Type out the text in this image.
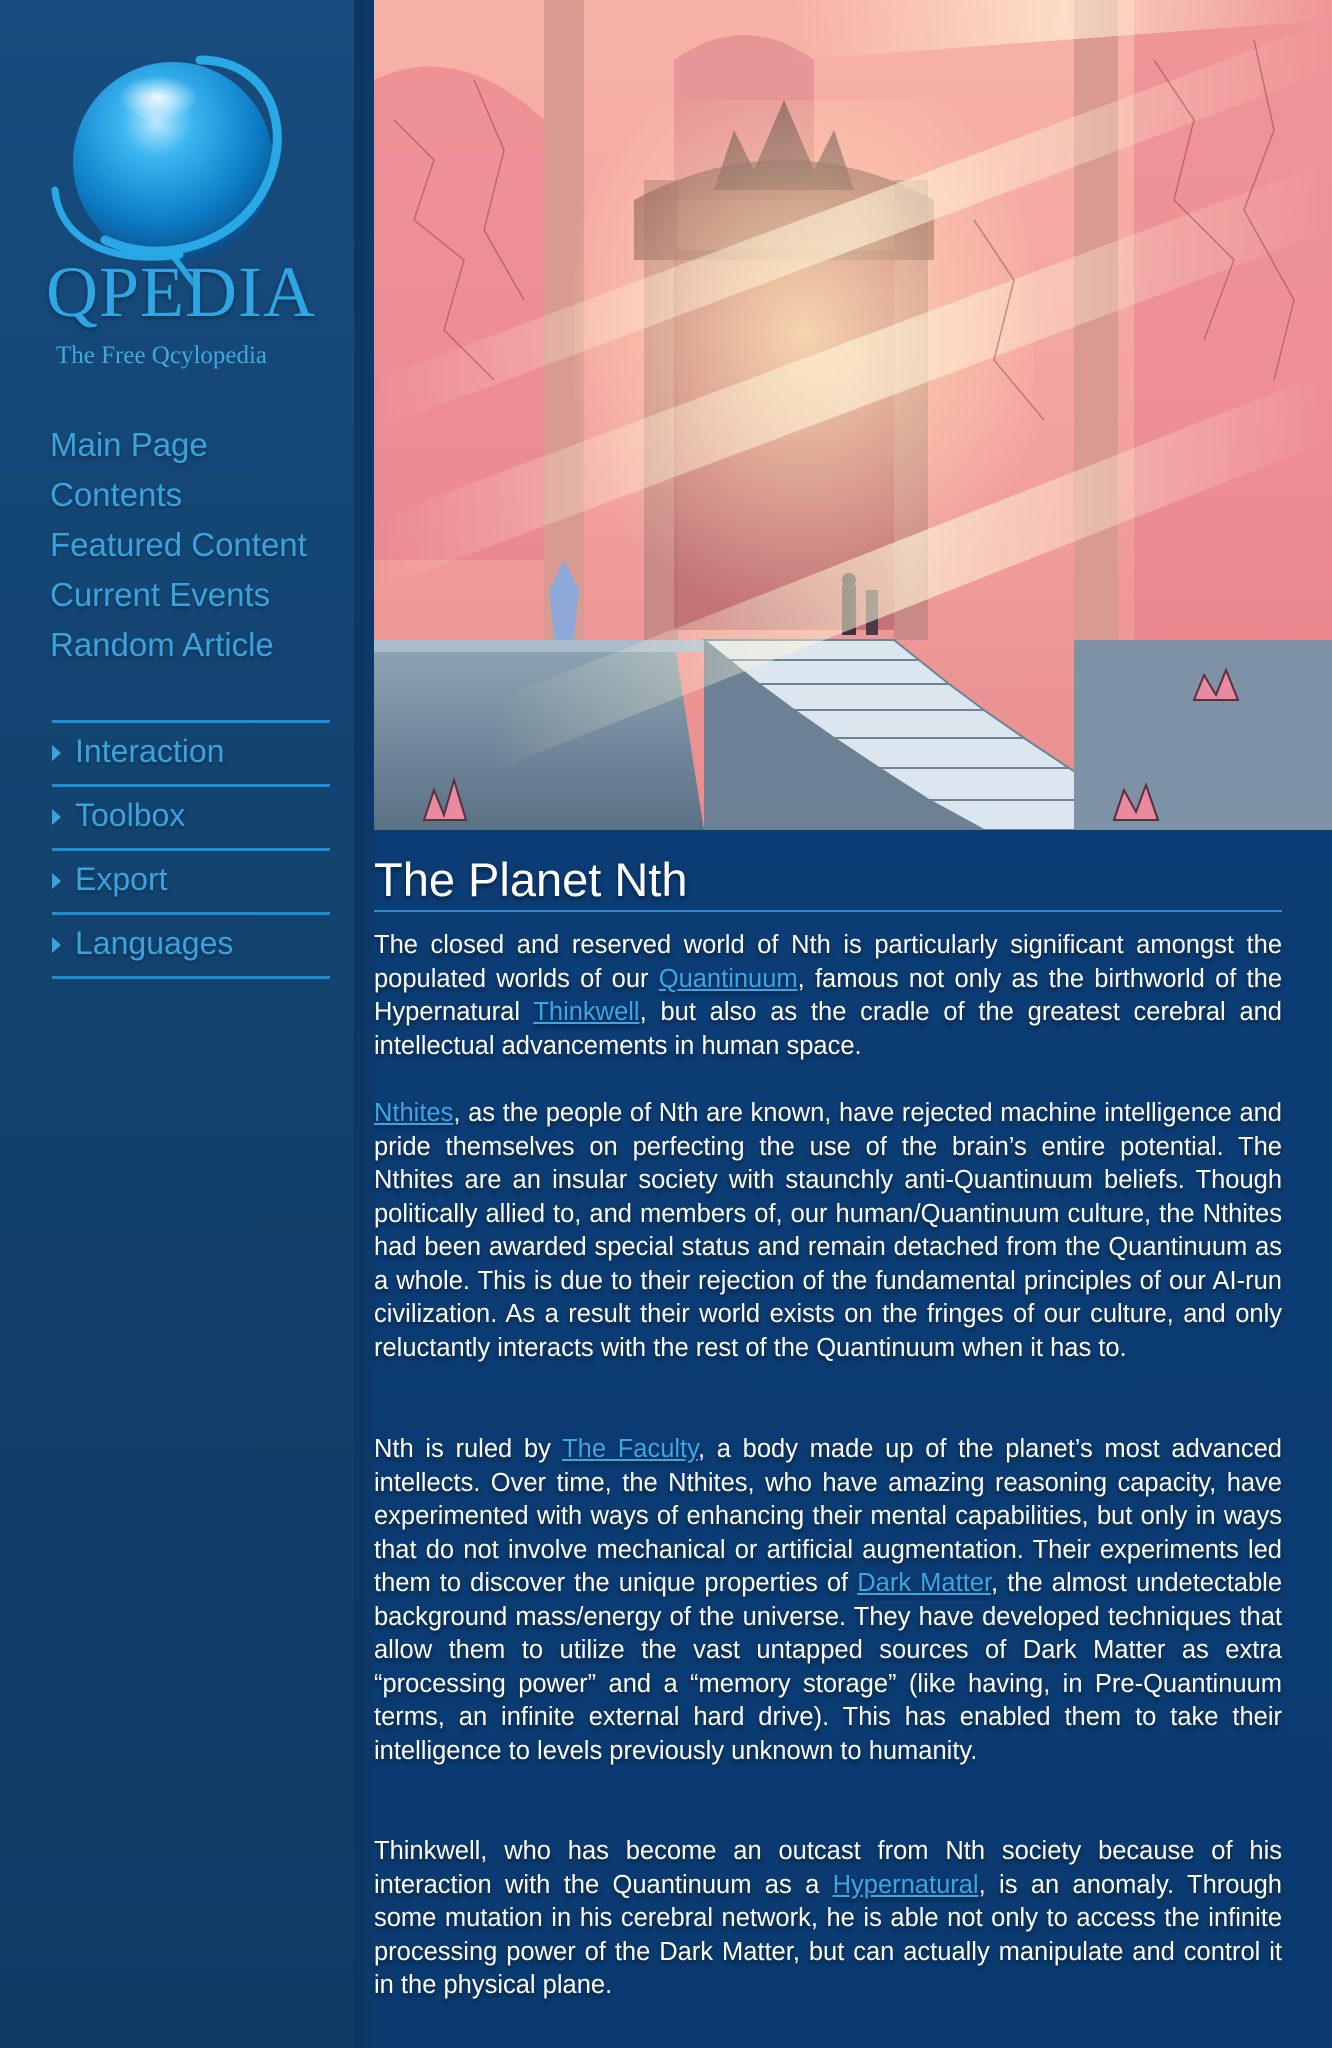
QPEDIA
The Free Qcylopedia
Main Page
Contents
Featured Content
Current Events
Random Article
Interaction
Toolbox
Export
Languages
The Planet Nth

The closed and reserved world of Nth is particularly significant amongst the populated worlds of our Quantinuum, famous not only as the birthworld of the Hypernatural Thinkwell, but also as the cradle of the greatest cerebral and intellectual advancements in human space.

Nthites, as the people of Nth are known, have rejected machine intelligence and pride themselves on perfecting the use of the brain’s entire potential. The Nthites are an insular society with staunchly anti-Quantinuum beliefs. Though politically allied to, and members of, our human/Quantinuum culture, the Nthites had been awarded special status and remain detached from the Quantinuum as a whole. This is due to their rejection of the fundamental principles of our AI-run civilization. As a result their world exists on the fringes of our culture, and only reluctantly interacts with the rest of the Quantinuum when it has to.

Nth is ruled by The Faculty, a body made up of the planet’s most advanced intellects. Over time, the Nthites, who have amazing reasoning capacity, have experimented with ways of enhancing their mental capabilities, but only in ways that do not involve mechanical or artificial augmentation. Their experiments led them to discover the unique properties of Dark Matter, the almost undetectable background mass/energy of the universe. They have developed techniques that allow them to utilize the vast untapped sources of Dark Matter as extra “processing power” and a “memory storage” (like having, in Pre-Quantinuum terms, an infinite external hard drive). This has enabled them to take their intelligence to levels previously unknown to humanity.

Thinkwell, who has become an outcast from Nth society because of his interaction with the Quantinuum as a Hypernatural, is an anomaly. Through some mutation in his cerebral network, he is able not only to access the infinite processing power of the Dark Matter, but can actually manipulate and control it in the physical plane.
